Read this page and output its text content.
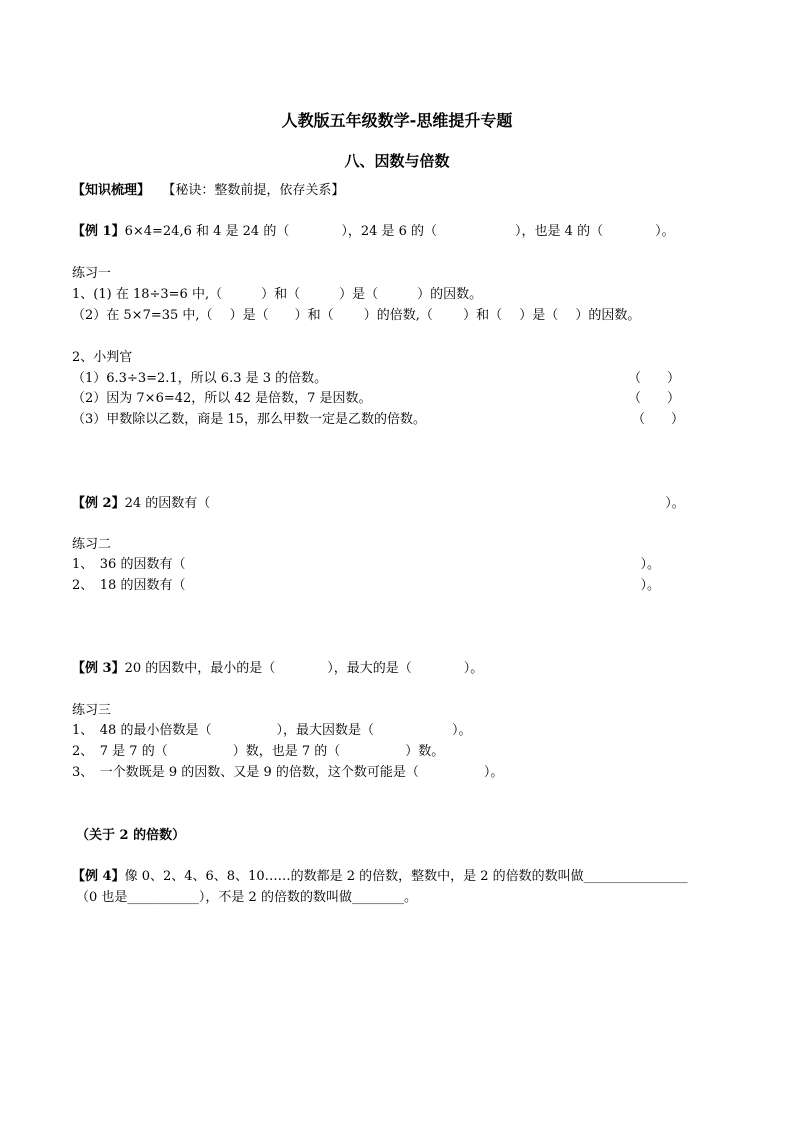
人教版五年级数学-思维提升专题
八、因数与倍数
【知识梳理】 【秘诀：整数前提，依存关系】
【例 1】6×4=24,6 和 4 是 24 的（　　　　），24 是 6 的（　　　　　　），也是 4 的（　　　　）。
练习一
1、(1) 在 18÷3=6 中,（　　　）和（　　　）是（　　　）的因数。
（2）在 5×7=35 中,（　 ）是（　　）和（　　 ）的倍数,（　　 ）和（　 ）是（　 ）的因数。
2、小判官
（1）6.3÷3=2.1，所以 6.3 是 3 的倍数。	（　　）
（2）因为 7×6=42，所以 42 是倍数，7 是因数。	（　　）
（3）甲数除以乙数，商是 15，那么甲数一定是乙数的倍数。	（　　）
【例 2】24 的因数有（　　　　　　　　　　　　　　　　　　　　　　　　　　　　　　　　　　　）。
练习二
1、　36 的因数有（　　　　　　　　　　　　　　　　　　　　　　　　　　　　　　　　　　　）。
2、　18 的因数有（　　　　　　　　　　　　　　　　　　　　　　　　　　　　　　　　　　　）。
【例 3】20 的因数中，最小的是（　　　　），最大的是（　　　　）。
练习三
1、　48 的最小倍数是（　　　　　），最大因数是（　　　　　　）。
2、　7 是 7 的（　　　　　）数，也是 7 的（　　　　　）数。
3、　一个数既是 9 的因数、又是 9 的倍数，这个数可能是（　　　　　）。
（关于 2 的倍数）
【例 4】像 0、2、4、6、8、10……的数都是 2 的倍数，整数中，是 2 的倍数的数叫做________________
（0 也是___________），不是 2 的倍数的数叫做________。
